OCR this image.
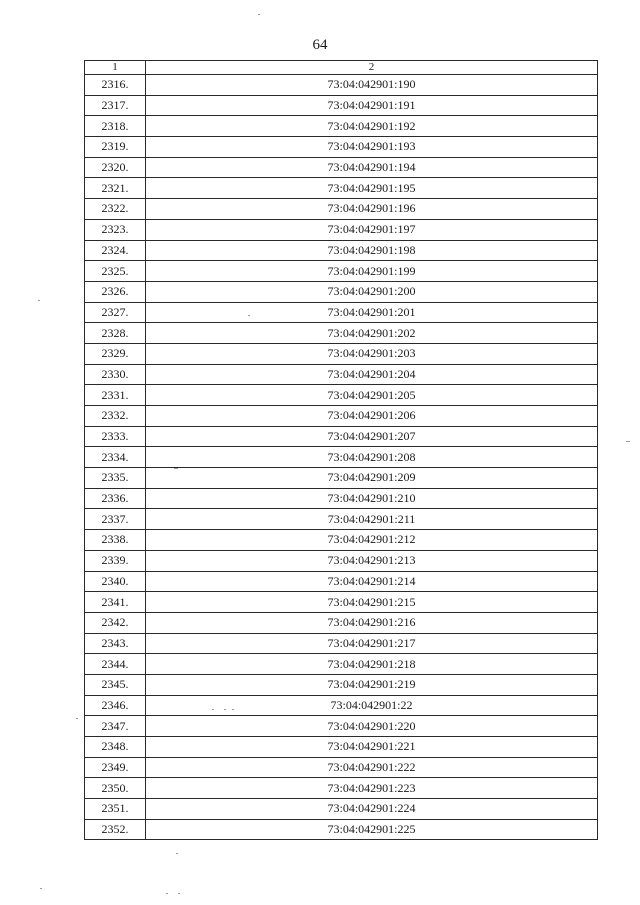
64
1	2
2316.	73:04:042901:190
2317.	73:04:042901:191
2318.	73:04:042901:192
2319.	73:04:042901:193
2320.	73:04:042901:194
2321.	73:04:042901:195
2322.	73:04:042901:196
2323.	73:04:042901:197
2324.	73:04:042901:198
2325.	73:04:042901:199
2326.	73:04:042901:200
2327.	73:04:042901:201
2328.	73:04:042901:202
2329.	73:04:042901:203
2330.	73:04:042901:204
2331.	73:04:042901:205
2332.	73:04:042901:206
2333.	73:04:042901:207
2334.	73:04:042901:208
2335.	73:04:042901:209
2336.	73:04:042901:210
2337.	73:04:042901:211
2338.	73:04:042901:212
2339.	73:04:042901:213
2340.	73:04:042901:214
2341.	73:04:042901:215
2342.	73:04:042901:216
2343.	73:04:042901:217
2344.	73:04:042901:218
2345.	73:04:042901:219
2346.	73:04:042901:22
2347.	73:04:042901:220
2348.	73:04:042901:221
2349.	73:04:042901:222
2350.	73:04:042901:223
2351.	73:04:042901:224
2352.	73:04:042901:225
